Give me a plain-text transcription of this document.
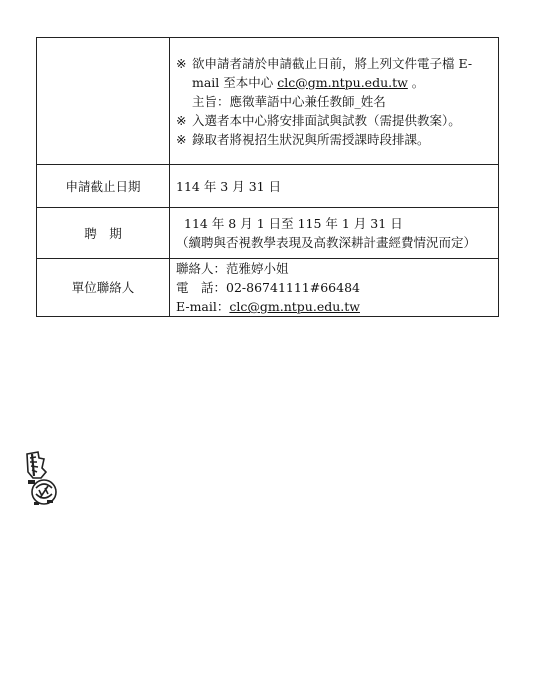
	※ 欲申請者請於申請截止日前，將上列文件電子檔 E-
mail 至本中心 clc@gm.ntpu.edu.tw 。
主旨：應徵華語中心兼任教師_姓名
※ 入選者本中心將安排面試與試教（需提供教案）。
※ 錄取者將視招生狀況與所需授課時段排課。

申請截止日期	114 年 3 月 31 日
聘　期	114 年 8 月 1 日至 115 年 1 月 31 日
（續聘與否視教學表現及高教深耕計畫經費情況而定）

單位聯絡人	聯絡人：范雅婷小姐
電　話：02-86741111#66484
E-mail：clc@gm.ntpu.edu.tw
